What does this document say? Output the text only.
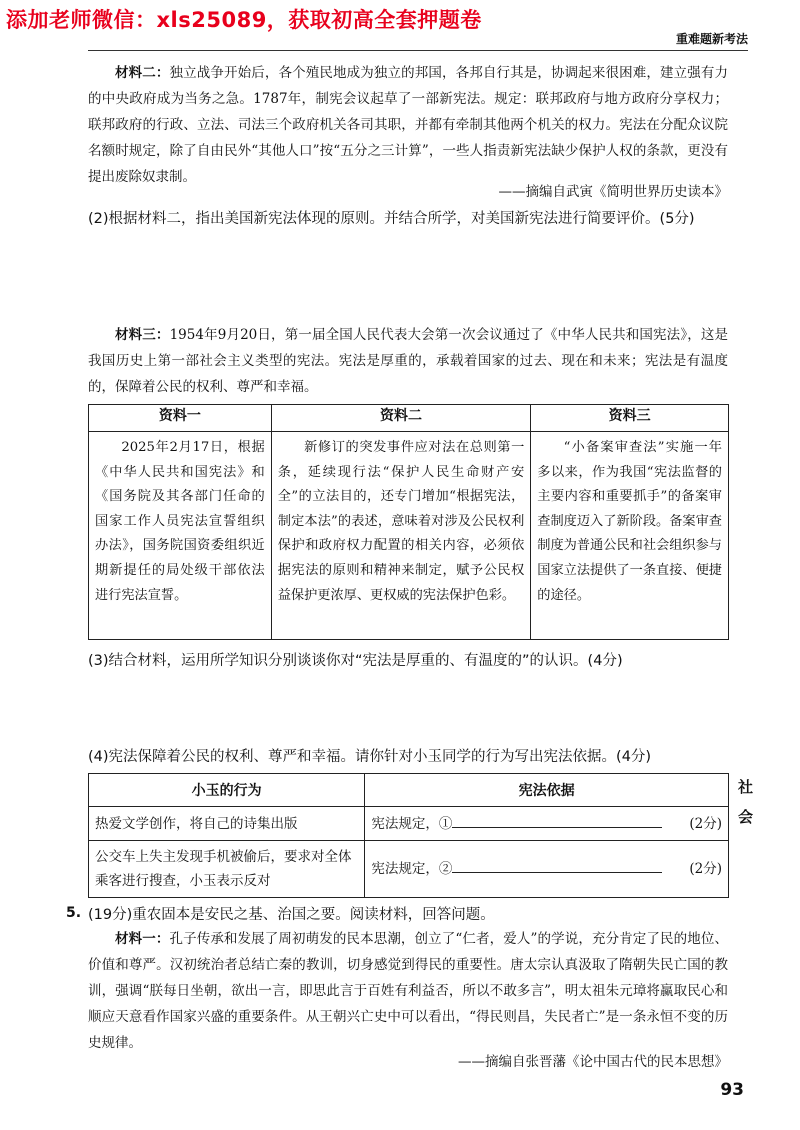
添加老师微信：xls25089，获取初高全套押题卷
重难题新考法
材料二：独立战争开始后，各个殖民地成为独立的邦国，各邦自行其是，协调起来很困难，建立强有力的中央政府成为当务之急。1787年，制宪会议起草了一部新宪法。规定：联邦政府与地方政府分享权力；联邦政府的行政、立法、司法三个政府机关各司其职，并都有牵制其他两个机关的权力。宪法在分配众议院名额时规定，除了自由民外“其他人口”按“五分之三计算”，一些人指责新宪法缺少保护人权的条款，更没有提出废除奴隶制。
——摘编自武寅《简明世界历史读本》
(2)根据材料二，指出美国新宪法体现的原则。并结合所学，对美国新宪法进行简要评价。(5分)
材料三：1954年9月20日，第一届全国人民代表大会第一次会议通过了《中华人民共和国宪法》，这是我国历史上第一部社会主义类型的宪法。宪法是厚重的，承载着国家的过去、现在和未来；宪法是有温度的，保障着公民的权利、尊严和幸福。
资料一	资料二	资料三
2025年2月17日，根据《中华人民共和国宪法》和《国务院及其各部门任命的国家工作人员宪法宣誓组织办法》，国务院国资委组织近期新提任的局处级干部依法进行宪法宣誓。	新修订的突发事件应对法在总则第一条，延续现行法“保护人民生命财产安全”的立法目的，还专门增加“根据宪法，制定本法”的表述，意味着对涉及公民权利保护和政府权力配置的相关内容，必须依据宪法的原则和精神来制定，赋予公民权益保护更浓厚、更权威的宪法保护色彩。	“小备案审查法”实施一年多以来，作为我国“宪法监督的主要内容和重要抓手”的备案审查制度迈入了新阶段。备案审查制度为普通公民和社会组织参与国家立法提供了一条直接、便捷的途径。
(3)结合材料，运用所学知识分别谈谈你对“宪法是厚重的、有温度的”的认识。(4分)
(4)宪法保障着公民的权利、尊严和幸福。请你针对小玉同学的行为写出宪法依据。(4分)
小玉的行为	宪法依据
热爱文学创作，将自己的诗集出版	宪法规定，① (2分)

公交车上失主发现手机被偷后，要求对全体乘客进行搜查，小玉表示反对	宪法规定，② (2分)
社
会
5. (19分)重农固本是安民之基、治国之要。阅读材料，回答问题。
材料一：孔子传承和发展了周初萌发的民本思潮，创立了“仁者，爱人”的学说，充分肯定了民的地位、价值和尊严。汉初统治者总结亡秦的教训，切身感觉到得民的重要性。唐太宗认真汲取了隋朝失民亡国的教训，强调“朕每日坐朝，欲出一言，即思此言于百姓有利益否，所以不敢多言”，明太祖朱元璋将赢取民心和顺应天意看作国家兴盛的重要条件。从王朝兴亡史中可以看出，“得民则昌，失民者亡”是一条永恒不变的历史规律。
——摘编自张晋藩《论中国古代的民本思想》
93
